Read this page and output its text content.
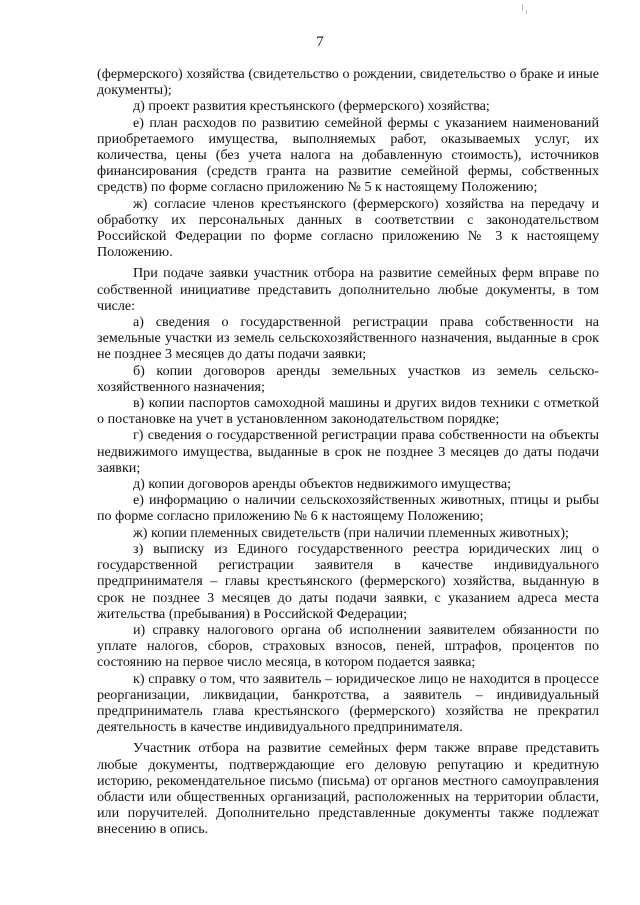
7

(фермерского) хозяйства (свидетельство о рождении, свидетельство о браке и иные документы);

д) проект развития крестьянского (фермерского) хозяйства;

е) план расходов по развитию семейной фермы с указанием наименований приобретаемого имущества, выполняемых работ, оказываемых услуг, их количества, цены (без учета налога на добавленную стоимость), источников финансирования (средств гранта на развитие семейной фермы, собственных средств) по форме согласно приложению № 5 к настоящему Положению;

ж) согласие членов крестьянского (фермерского) хозяйства на передачу и обработку их персональных данных в соответствии с законодательством Российской Федерации по форме согласно приложению № 3 к настоящему Положению.

При подаче заявки участник отбора на развитие семейных ферм вправе по собственной инициативе представить дополнительно любые документы, в том числе:

а) сведения о государственной регистрации права собственности на земельные участки из земель сельскохозяйственного назначения, выданные в срок не позднее 3 месяцев до даты подачи заявки;

б) копии договоров аренды земельных участков из земель сельско-хозяйственного назначения;

в) копии паспортов самоходной машины и других видов техники с отметкой о постановке на учет в установленном законодательством порядке;

г) сведения о государственной регистрации права собственности на объекты недвижимого имущества, выданные в срок не позднее 3 месяцев до даты подачи заявки;

д) копии договоров аренды объектов недвижимого имущества;

е) информацию о наличии сельскохозяйственных животных, птицы и рыбы по форме согласно приложению № 6 к настоящему Положению;

ж) копии племенных свидетельств (при наличии племенных животных);

з) выписку из Единого государственного реестра юридических лиц о государственной регистрации заявителя в качестве индивидуального предпринимателя – главы крестьянского (фермерского) хозяйства, выданную в срок не позднее 3 месяцев до даты подачи заявки, с указанием адреса места жительства (пребывания) в Российской Федерации;

и) справку налогового органа об исполнении заявителем обязанности по уплате налогов, сборов, страховых взносов, пеней, штрафов, процентов по состоянию на первое число месяца, в котором подается заявка;

к) справку о том, что заявитель – юридическое лицо не находится в процессе реорганизации, ликвидации, банкротства, а заявитель – индивидуальный предприниматель глава крестьянского (фермерского) хозяйства не прекратил деятельность в качестве индивидуального предпринимателя.

Участник отбора на развитие семейных ферм также вправе представить любые документы, подтверждающие его деловую репутацию и кредитную историю, рекомендательное письмо (письма) от органов местного самоуправления области или общественных организаций, расположенных на территории области, или поручителей. Дополнительно представленные документы также подлежат внесению в опись.
